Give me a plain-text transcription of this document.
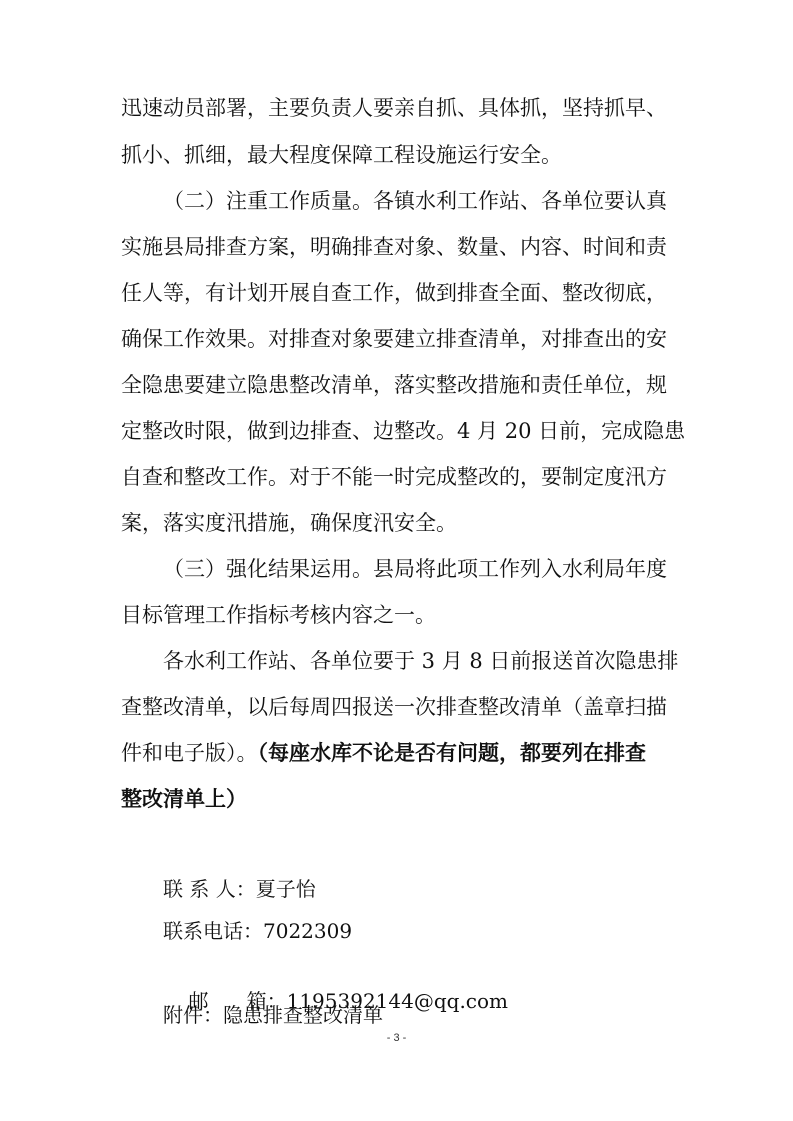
迅速动员部署，主要负责人要亲自抓、具体抓，坚持抓早、
抓小、抓细，最大程度保障工程设施运行安全。
（二）注重工作质量。各镇水利工作站、各单位要认真
实施县局排查方案，明确排查对象、数量、内容、时间和责
任人等，有计划开展自查工作，做到排查全面、整改彻底，
确保工作效果。对排查对象要建立排查清单，对排查出的安
全隐患要建立隐患整改清单，落实整改措施和责任单位，规
定整改时限，做到边排查、边整改。4 月 20 日前，完成隐患
自查和整改工作。对于不能一时完成整改的，要制定度汛方
案，落实度汛措施，确保度汛安全。
（三）强化结果运用。县局将此项工作列入水利局年度
目标管理工作指标考核内容之一。
各水利工作站、各单位要于 3 月 8 日前报送首次隐患排
查整改清单，以后每周四报送一次排查整改清单（盖章扫描
件和电子版）。（每座水库不论是否有问题，都要列在排查
整改清单上）
联 系 人：夏子怡
联系电话：7022309

邮      箱：1195392144@qq.com

附件：隐患排查整改清单
- 3 -
